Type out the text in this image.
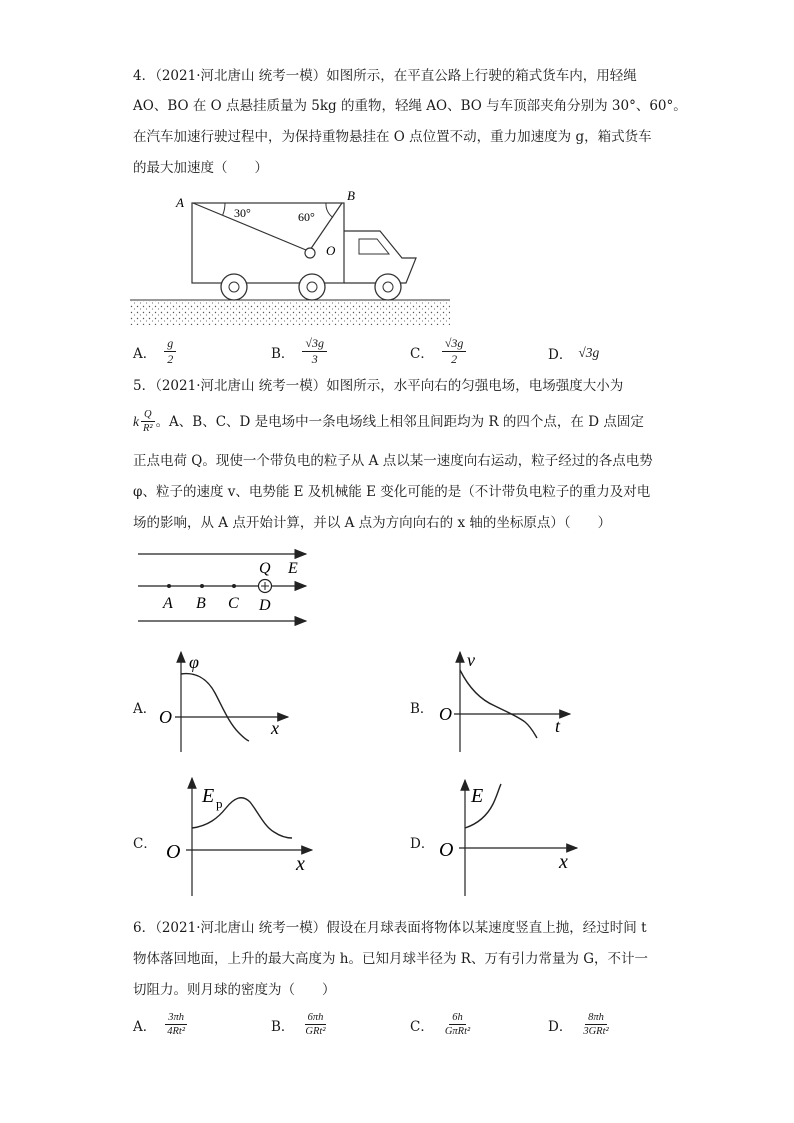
4．（2021·河北唐山 统考一模）如图所示，在平直公路上行驶的箱式货车内，用轻绳
AO、BO 在 O 点悬挂质量为 5kg 的重物，轻绳 AO、BO 与车顶部夹角分别为 30°、60°。
在汽车加速行驶过程中，为保持重物悬挂在 O 点位置不动，重力加速度为 g，箱式货车
的最大加速度（　　）
A	B
O
30°	60°
A． $\frac{g}{2}$	B． $\frac{√3g}{3}$	C． $\frac{√3g}{2}$	D． √3g
5．（2021·河北唐山 统考一模）如图所示，水平向右的匀强电场，电场强度大小为
k $\frac{Q}{\text{R²}}$ 。A、B、C、D 是电场中一条电场线上相邻且间距均为 R 的四个点，在 D 点固定
正点电荷 Q。现使一个带负电的粒子从 A 点以某一速度向右运动，粒子经过的各点电势
φ、粒子的速度 v、电势能 E 及机械能 E 变化可能的是（不计带负电粒子的重力及对电
场的影响，从 A 点开始计算，并以 A 点为方向向右的 x 轴的坐标原点）（　　）
A B C D
Q E
A．
φ
O
x
B．
v
O
t
C．
E p
O
x
D．
E
O
x
6．（2021·河北唐山 统考一模）假设在月球表面将物体以某速度竖直上抛，经过时间 t
物体落回地面，上升的最大高度为 h。已知月球半径为 R、万有引力常量为 G，不计一
切阻力。则月球的密度为（　　）
A． $\frac{3\pi h}{\text{4Rt²}}$	B． $\frac{6\pi h}{\text{GRt²}}$	C． $\frac{6h}{\text{GπRt²}}$	D． $\frac{8\pi h}{\text{3GRt²}}$
